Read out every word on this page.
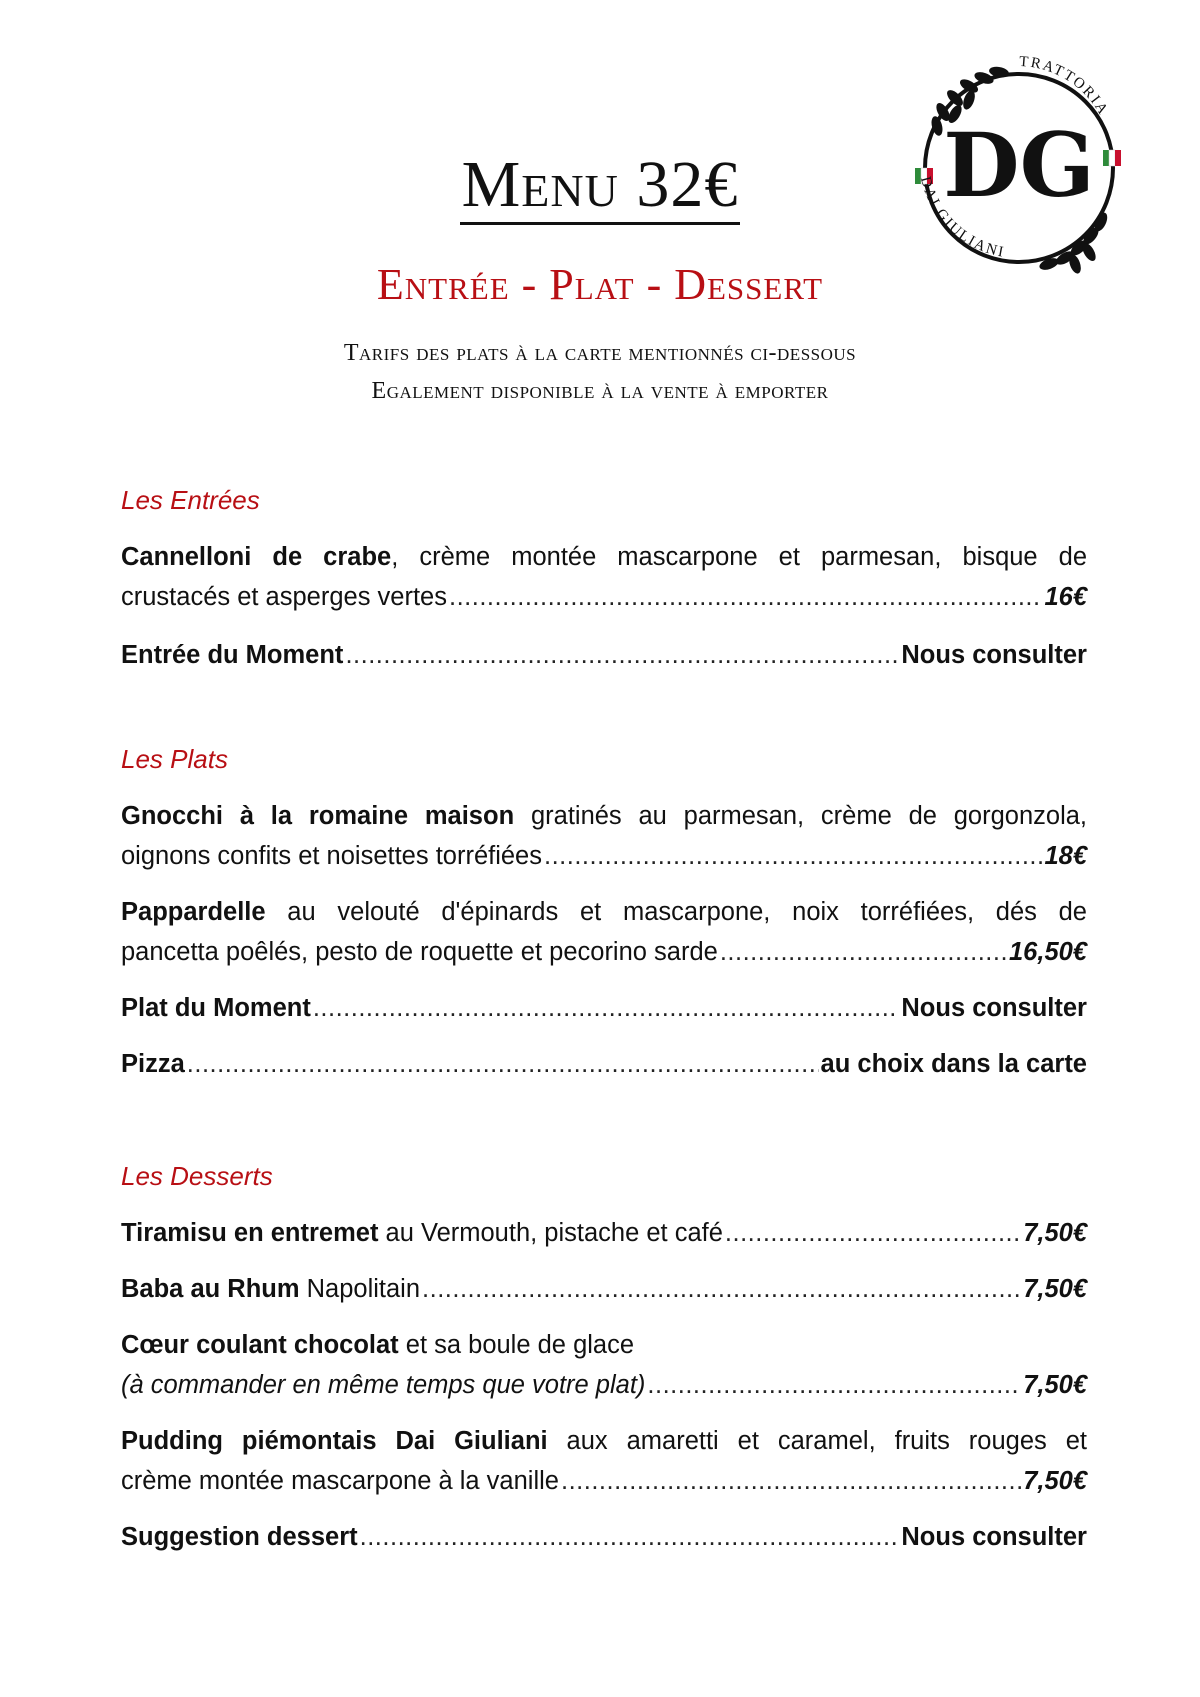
TRATTORIA
DAI GIULIANI
DG
Menu 32€
Entrée - Plat - Dessert
Tarifs des plats à la carte mentionnés ci-dessous
Egalement disponible à la vente à emporter
Les Entrées
Cannelloni de crabe, crème montée mascarpone et parmesan, bisque de
crustacés et asperges vertes .....	16€
Entrée du Moment .....	Nous consulter
Les Plats
Gnocchi à la romaine maison gratinés au parmesan, crème de gorgonzola,
oignons confits et noisettes torréfiées .....	18€
Pappardelle au velouté d'épinards et mascarpone, noix torréfiées, dés de
pancetta poêlés, pesto de roquette et pecorino sarde .....	16,50€
Plat du Moment .....	Nous consulter
Pizza .....	au choix dans la carte
Les Desserts
Tiramisu en entremet au Vermouth, pistache et café .....	7,50€
Baba au Rhum Napolitain .....	7,50€
Cœur coulant chocolat et sa boule de glace
(à commander en même temps que votre plat) .....	7,50€
Pudding piémontais Dai Giuliani aux amaretti et caramel, fruits rouges et
crème montée mascarpone à la vanille .....	7,50€
Suggestion dessert .....	Nous consulter
